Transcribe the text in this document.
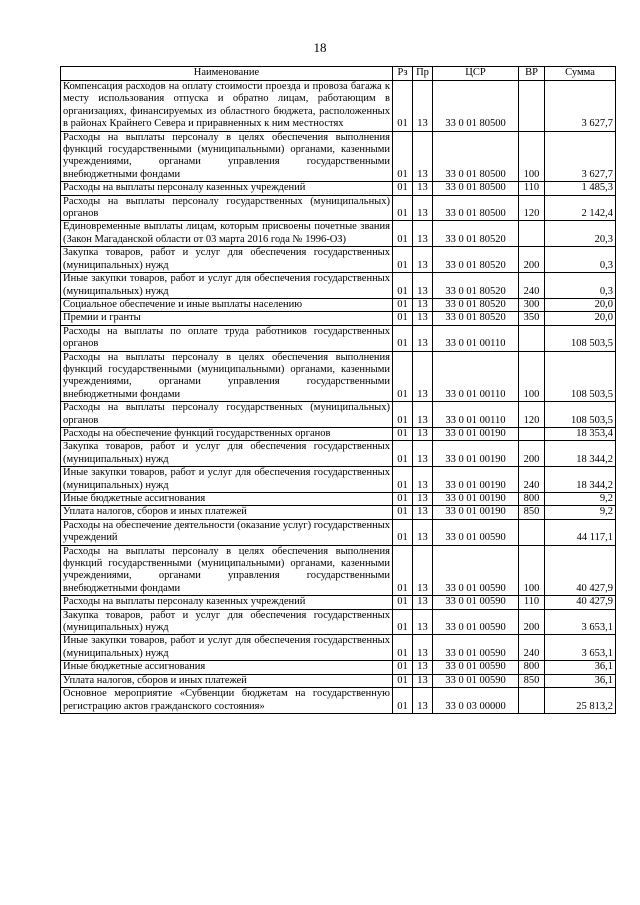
18
Наименование	Рз	Пр	ЦСР	ВР	Сумма
Компенсация расходов на оплату стоимости проезда и провоза багажа к месту использования отпуска и обратно лицам, работающим в организациях, финансируемых из областного бюджета, расположенных в районах Крайнего Севера и приравненных к ним местностях	01	13	33 0 01 80500		3 627,7
Расходы на выплаты персоналу в целях обеспечения выполнения функций государственными (муниципальными) органами, казенными учреждениями, органами управления государственными внебюджетными фондами	01	13	33 0 01 80500	100	3 627,7
Расходы на выплаты персоналу казенных учреждений	01	13	33 0 01 80500	110	1 485,3
Расходы на выплаты персоналу государственных (муниципальных) органов	01	13	33 0 01 80500	120	2 142,4
Единовременные выплаты лицам, которым присвоены почетные звания (Закон Магаданской области от 03 марта 2016 года № 1996-ОЗ)	01	13	33 0 01 80520		20,3
Закупка товаров, работ и услуг для обеспечения государственных (муниципальных) нужд	01	13	33 0 01 80520	200	0,3
Иные закупки товаров, работ и услуг для обеспечения государственных (муниципальных) нужд	01	13	33 0 01 80520	240	0,3
Социальное обеспечение и иные выплаты населению	01	13	33 0 01 80520	300	20,0
Премии и гранты	01	13	33 0 01 80520	350	20,0
Расходы на выплаты по оплате труда работников государственных органов	01	13	33 0 01 00110		108 503,5
Расходы на выплаты персоналу в целях обеспечения выполнения функций государственными (муниципальными) органами, казенными учреждениями, органами управления государственными внебюджетными фондами	01	13	33 0 01 00110	100	108 503,5
Расходы на выплаты персоналу государственных (муниципальных) органов	01	13	33 0 01 00110	120	108 503,5
Расходы на обеспечение функций государственных органов	01	13	33 0 01 00190		18 353,4
Закупка товаров, работ и услуг для обеспечения государственных (муниципальных) нужд	01	13	33 0 01 00190	200	18 344,2
Иные закупки товаров, работ и услуг для обеспечения государственных (муниципальных) нужд	01	13	33 0 01 00190	240	18 344,2
Иные бюджетные ассигнования	01	13	33 0 01 00190	800	9,2
Уплата налогов, сборов и иных платежей	01	13	33 0 01 00190	850	9,2
Расходы на обеспечение деятельности (оказание услуг) государственных учреждений	01	13	33 0 01 00590		44 117,1
Расходы на выплаты персоналу в целях обеспечения выполнения функций государственными (муниципальными) органами, казенными учреждениями, органами управления государственными внебюджетными фондами	01	13	33 0 01 00590	100	40 427,9
Расходы на выплаты персоналу казенных учреждений	01	13	33 0 01 00590	110	40 427,9
Закупка товаров, работ и услуг для обеспечения государственных (муниципальных) нужд	01	13	33 0 01 00590	200	3 653,1
Иные закупки товаров, работ и услуг для обеспечения государственных (муниципальных) нужд	01	13	33 0 01 00590	240	3 653,1
Иные бюджетные ассигнования	01	13	33 0 01 00590	800	36,1
Уплата налогов, сборов и иных платежей	01	13	33 0 01 00590	850	36,1
Основное мероприятие «Субвенции бюджетам на государственную регистрацию актов гражданского состояния»	01	13	33 0 03 00000		25 813,2
